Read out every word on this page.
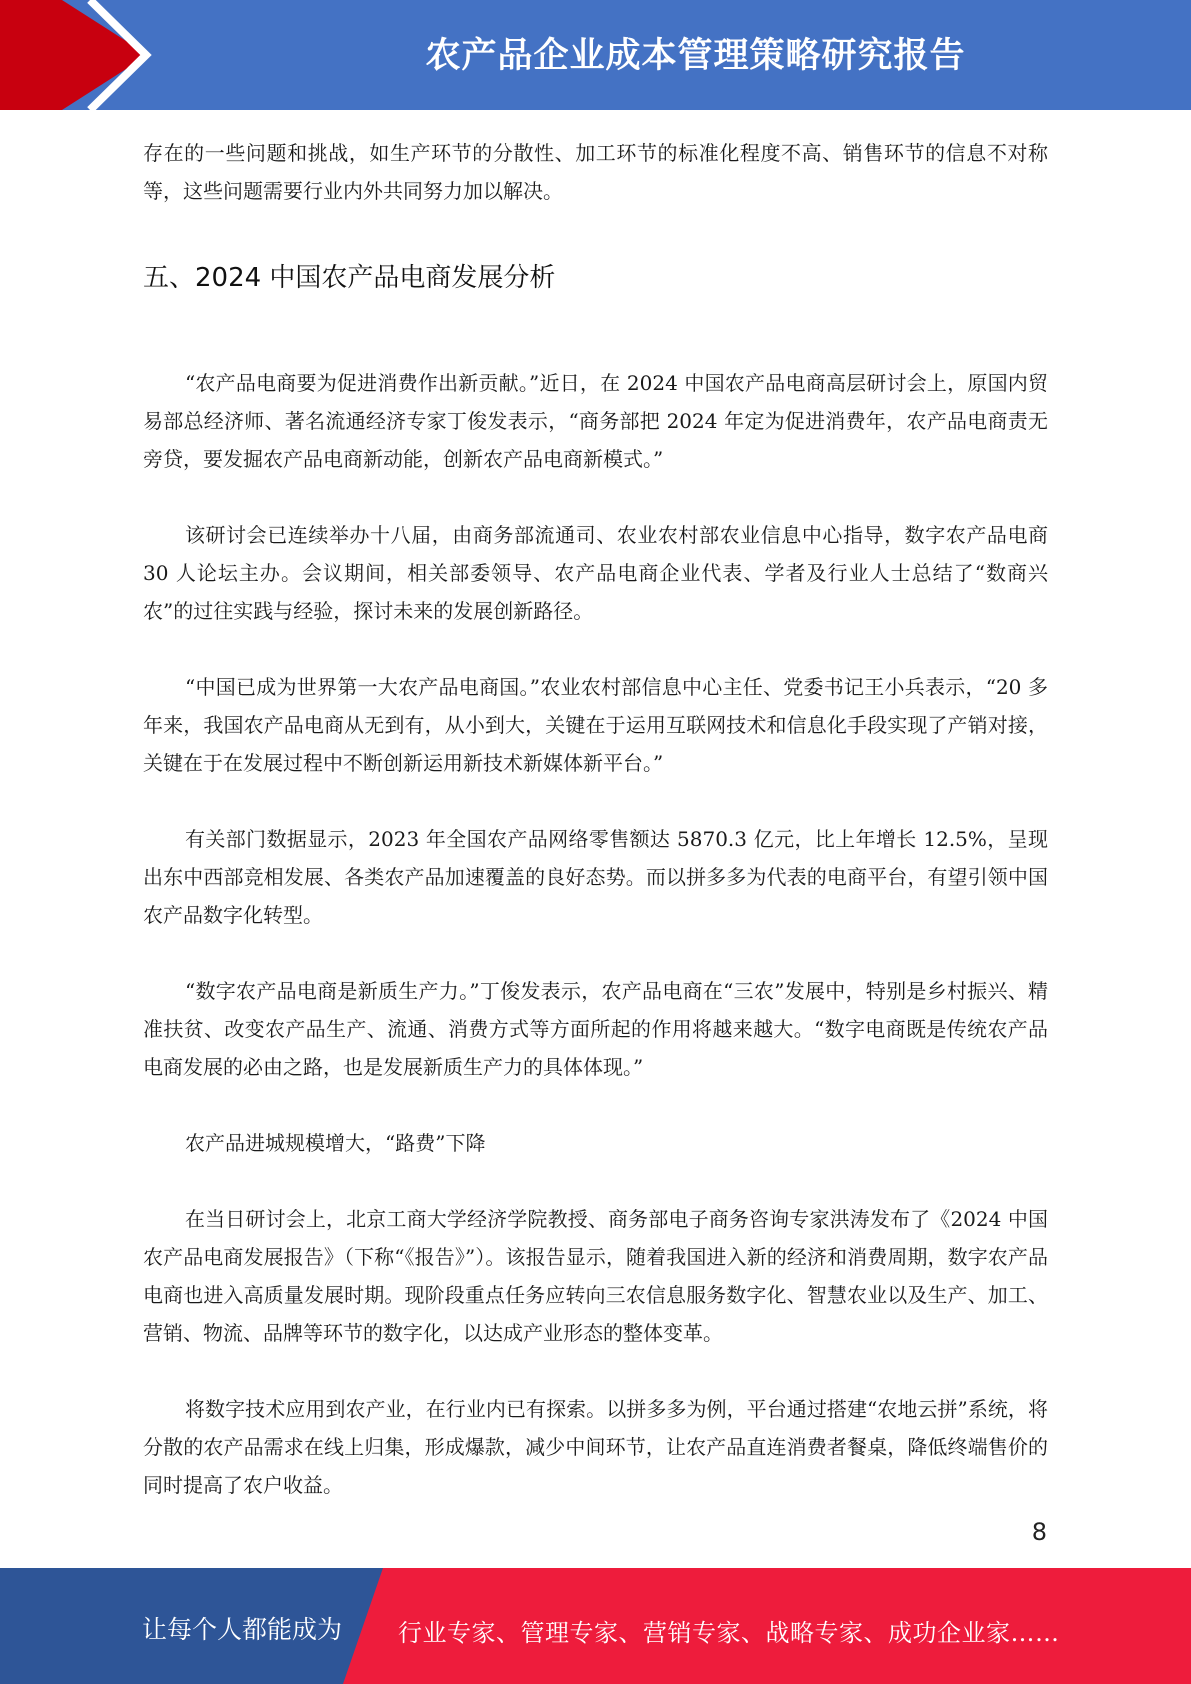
农产品企业成本管理策略研究报告

存在的一些问题和挑战，如生产环节的分散性、加工环节的标准化程度不高、销售环节的信息不对称等，这些问题需要行业内外共同努力加以解决。

五、2024 中国农产品电商发展分析

“农产品电商要为促进消费作出新贡献。”近日，在 2024 中国农产品电商高层研讨会上，原国内贸易部总经济师、著名流通经济专家丁俊发表示，“商务部把 2024 年定为促进消费年，农产品电商责无旁贷，要发掘农产品电商新动能，创新农产品电商新模式。”

该研讨会已连续举办十八届，由商务部流通司、农业农村部农业信息中心指导，数字农产品电商 30 人论坛主办。会议期间，相关部委领导、农产品电商企业代表、学者及行业人士总结了“数商兴农”的过往实践与经验，探讨未来的发展创新路径。

“中国已成为世界第一大农产品电商国。”农业农村部信息中心主任、党委书记王小兵表示，“20 多年来，我国农产品电商从无到有，从小到大，关键在于运用互联网技术和信息化手段实现了产销对接，关键在于在发展过程中不断创新运用新技术新媒体新平台。”

有关部门数据显示，2023 年全国农产品网络零售额达 5870.3 亿元，比上年增长 12.5%，呈现出东中西部竞相发展、各类农产品加速覆盖的良好态势。而以拼多多为代表的电商平台，有望引领中国农产品数字化转型。

“数字农产品电商是新质生产力。”丁俊发表示，农产品电商在“三农”发展中，特别是乡村振兴、精准扶贫、改变农产品生产、流通、消费方式等方面所起的作用将越来越大。“数字电商既是传统农产品电商发展的必由之路，也是发展新质生产力的具体体现。”

农产品进城规模增大，“路费”下降

在当日研讨会上，北京工商大学经济学院教授、商务部电子商务咨询专家洪涛发布了《2024 中国农产品电商发展报告》（下称“《报告》”）。该报告显示，随着我国进入新的经济和消费周期，数字农产品电商也进入高质量发展时期。现阶段重点任务应转向三农信息服务数字化、智慧农业以及生产、加工、营销、物流、品牌等环节的数字化，以达成产业形态的整体变革。

将数字技术应用到农产业，在行业内已有探索。以拼多多为例，平台通过搭建“农地云拼”系统，将分散的农产品需求在线上归集，形成爆款，减少中间环节，让农产品直连消费者餐桌，降低终端售价的同时提高了农户收益。

8
让每个人都能成为 行业专家、管理专家、营销专家、战略专家、成功企业家……
